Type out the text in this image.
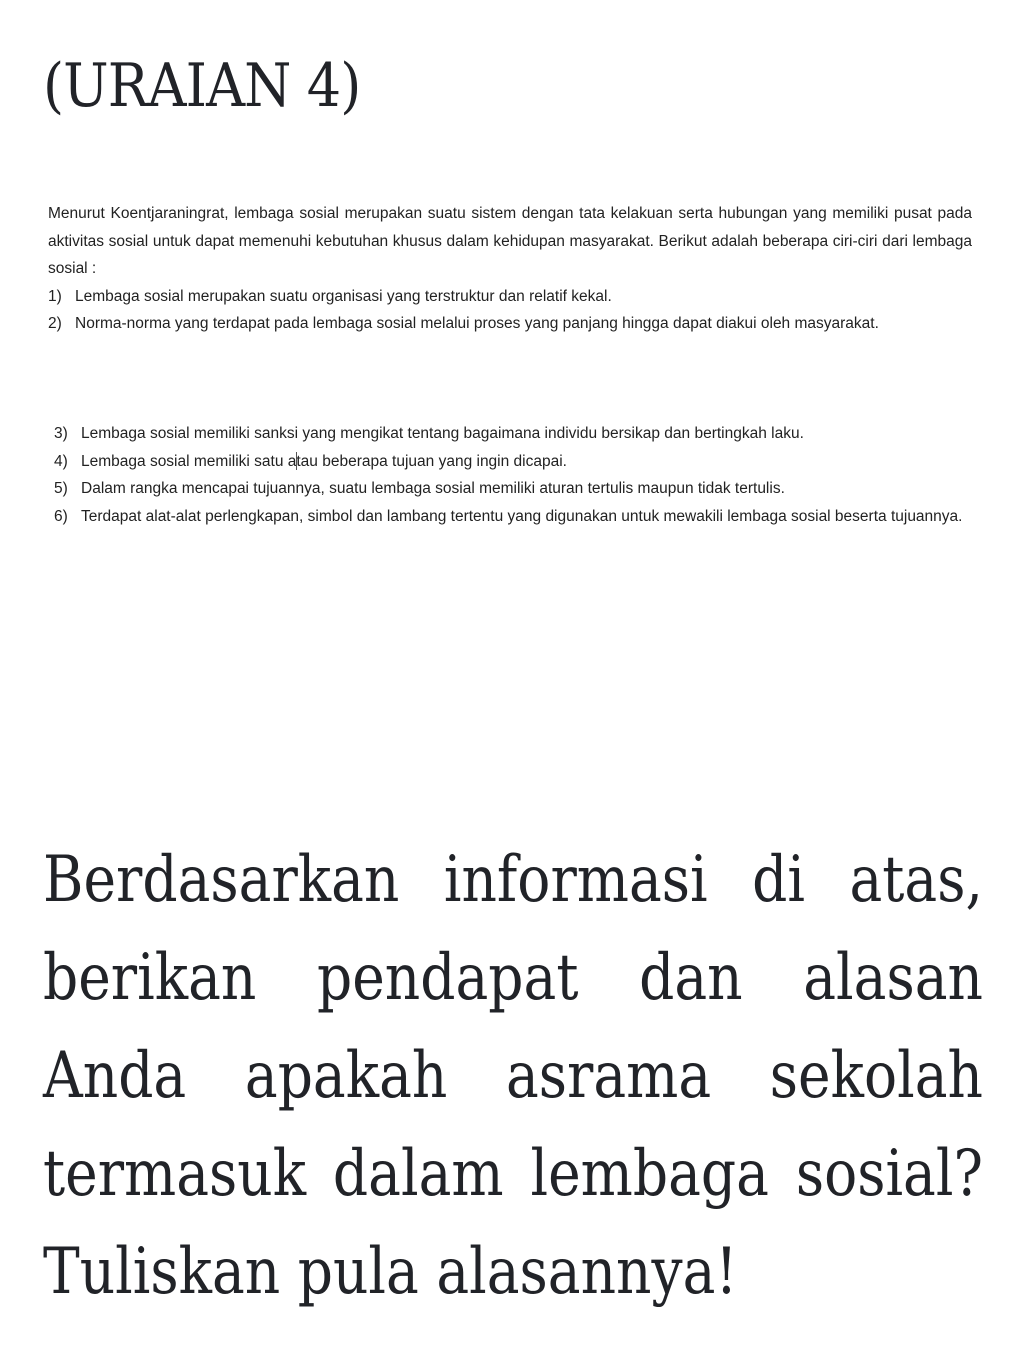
(URAIAN 4)

Menurut Koentjaraningrat, lembaga sosial merupakan suatu sistem dengan tata kelakuan serta hubungan yang memiliki pusat pada aktivitas sosial untuk dapat memenuhi kebutuhan khusus dalam kehidupan masyarakat. Berikut adalah beberapa ciri-ciri dari lembaga sosial :

1) Lembaga sosial merupakan suatu organisasi yang terstruktur dan relatif kekal.
2) Norma-norma yang terdapat pada lembaga sosial melalui proses yang panjang hingga dapat diakui oleh masyarakat.
3) Lembaga sosial memiliki sanksi yang mengikat tentang bagaimana individu bersikap dan bertingkah laku.
4) Lembaga sosial memiliki satu atau beberapa tujuan yang ingin dicapai.
5) Dalam rangka mencapai tujuannya, suatu lembaga sosial memiliki aturan tertulis maupun tidak tertulis.
6) Terdapat alat-alat perlengkapan, simbol dan lambang tertentu yang digunakan untuk mewakili lembaga sosial beserta tujuannya.

Berdasarkan informasi di atas, berikan pendapat dan alasan Anda apakah asrama sekolah termasuk dalam lembaga sosial? Tuliskan pula alasannya!
